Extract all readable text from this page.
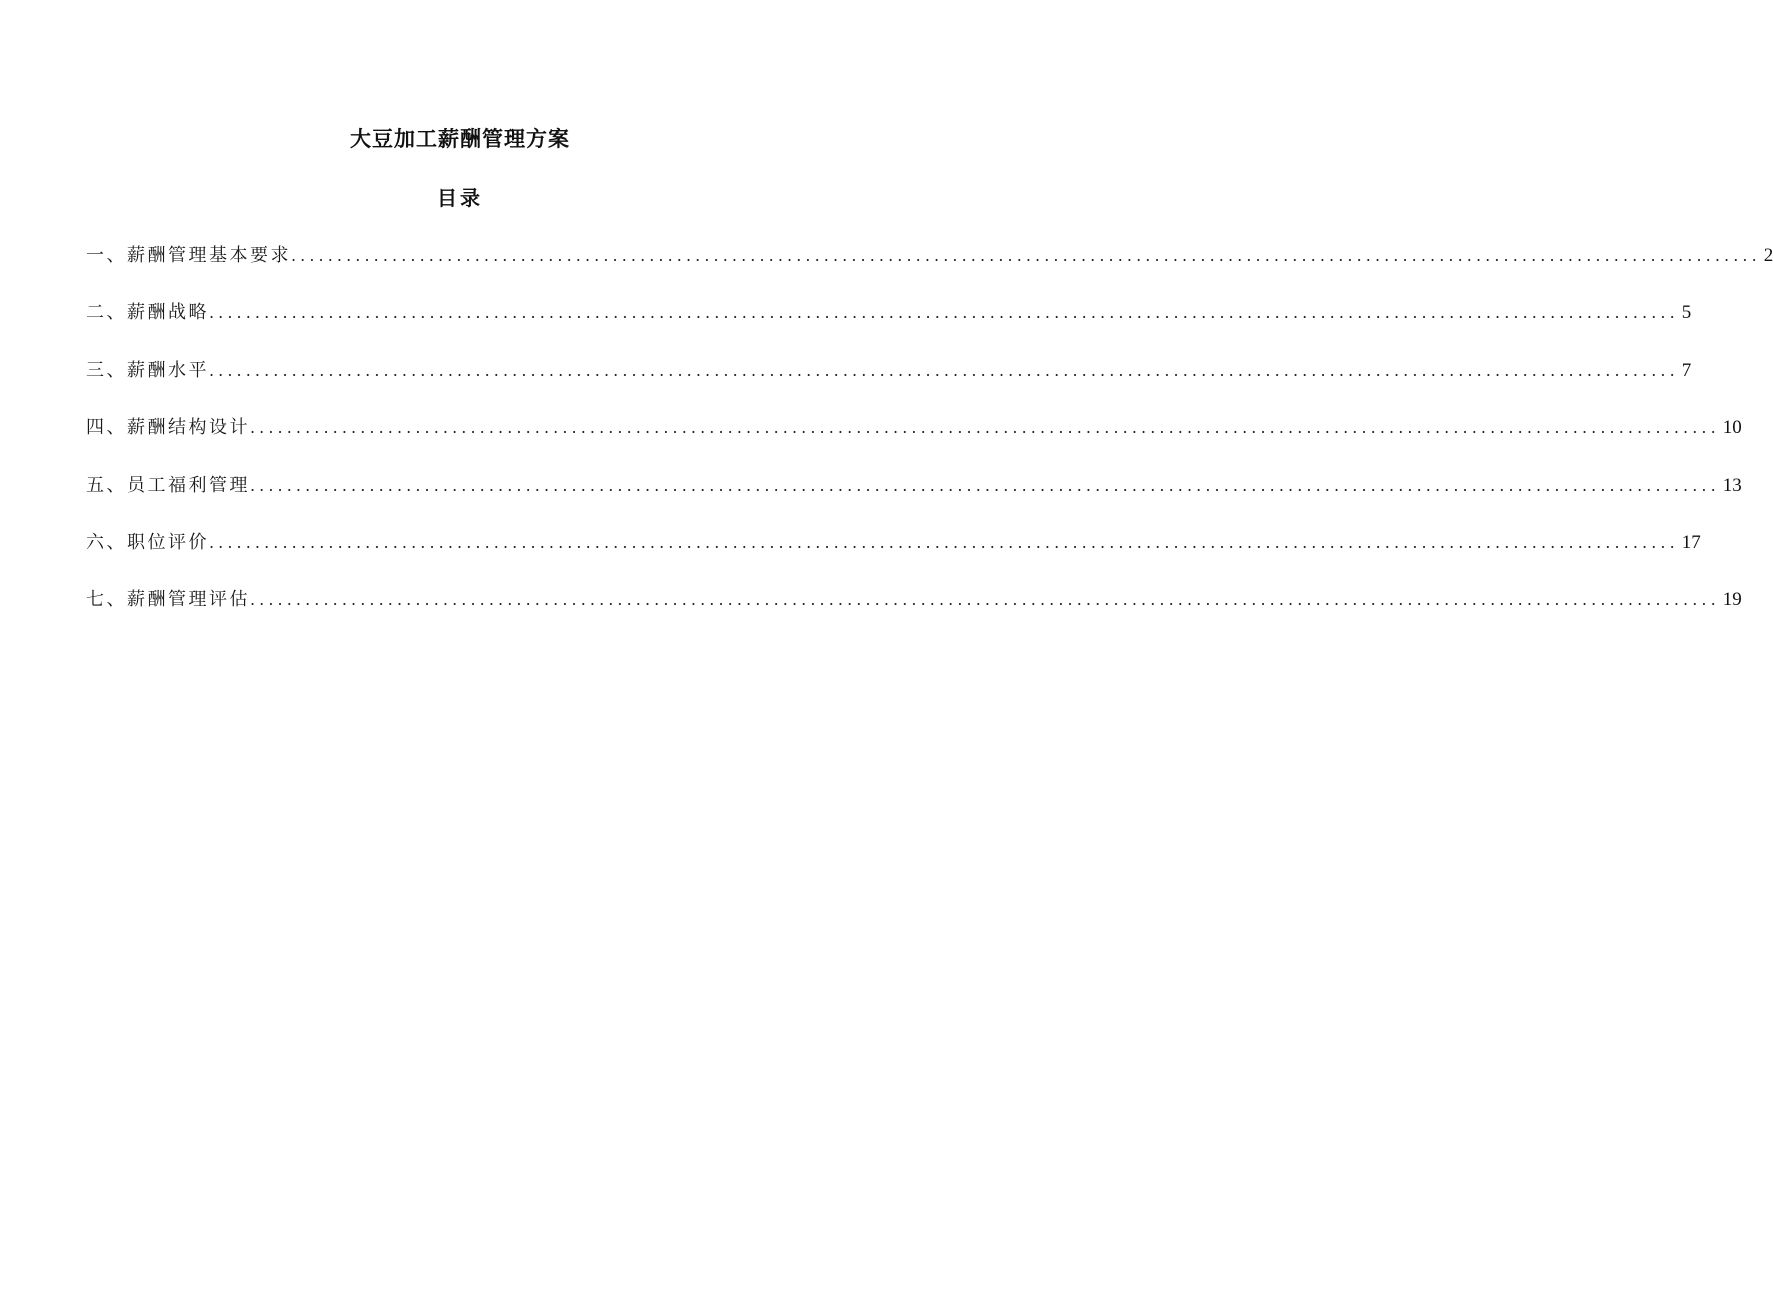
大豆加工薪酬管理方案
目录
一、薪酬管理基本要求 ................................................................................................................................................................ 2
二、薪酬战略 ................................................................................................................................................................ 5
三、薪酬水平 ................................................................................................................................................................ 7
四、薪酬结构设计 ................................................................................................................................................................ 10
五、员工福利管理 ................................................................................................................................................................ 13
六、职位评价 ................................................................................................................................................................ 17
七、薪酬管理评估 ................................................................................................................................................................ 19
